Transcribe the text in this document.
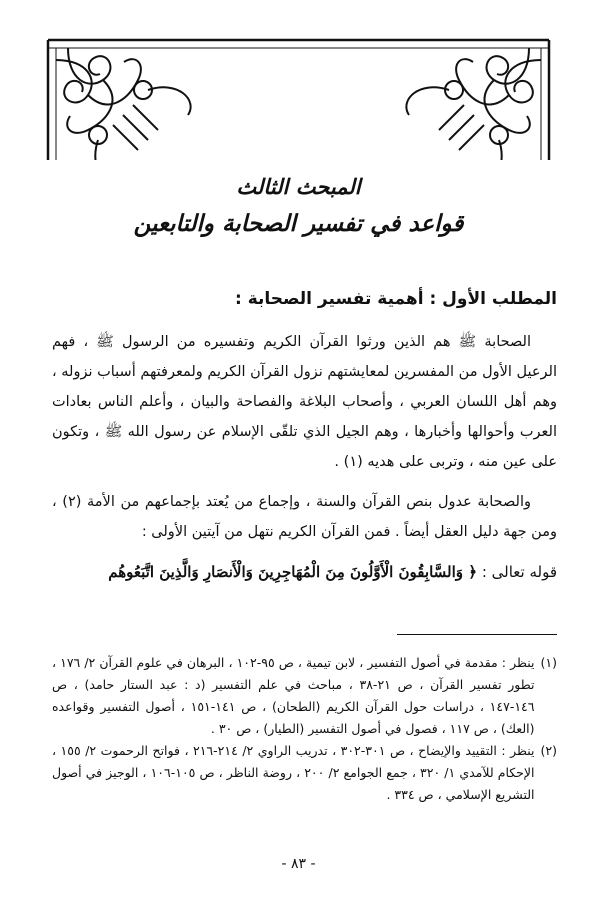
المبحث الثالث
قواعد في تفسير الصحابة والتابعين
المطلب الأول : أهمية تفسير الصحابة :

الصحابة ﷺ هم الذين ورثوا القرآن الكريم وتفسيره من الرسول ﷺ ، فهم الرعيل الأول من المفسرين لمعايشتهم نزول القرآن الكريم ولمعرفتهم أسباب نزوله ، وهم أهل اللسان العربي ، وأصحاب البلاغة والفصاحة والبيان ، وأعلم الناس بعادات العرب وأحوالها وأخبارها ، وهم الجيل الذي تلقّى الإسلام عن رسول الله ﷺ ، وتكون على عين منه ، وتربى على هديه (١) .

والصحابة عدول بنص القرآن والسنة ، وإجماع من يُعتد بإجماعهم من الأمة (٢) ، ومن جهة دليل العقل أيضاً . فمن القرآن الكريم نتهل من آيتين الأولى :

قوله تعالى : ﴿ وَالسَّابِقُونَ الْأَوَّلُونَ مِنَ الْمُهَاجِرِينَ وَالْأَنصَارِ وَالَّذِينَ اتَّبَعُوهُم

(١)
ينظر : مقدمة في أصول التفسير ، لابن تيمية ، ص ٩٥-١٠٢ ، البرهان في علوم القرآن ٢/ ١٧٦ ، تطور تفسير القرآن ، ص ٢١-٣٨ ، مباحث في علم التفسير (د : عبد الستار حامد) ، ص ١٤٦-١٤٧ ، دراسات حول القرآن الكريم (الطحان) ، ص ١٤١-١٥١ ، أصول التفسير وقواعده (العك) ، ص ١١٧ ، فصول في أصول التفسير (الطيار) ، ص ٣٠ .

(٢)
ينظر : التقييد والإيضاح ، ص ٣٠١-٣٠٢ ، تدريب الراوي ٢/ ٢١٤-٢١٦ ، فواتح الرحموت ٢/ ١٥٥ ، الإحكام للآمدي ١/ ٣٢٠ ، جمع الجوامع ٢/ ٢٠٠ ، روضة الناظر ، ص ١٠٥-١٠٦ ، الوجيز في أصول التشريع الإسلامي ، ص ٣٣٤ .

- ٨٣ -
